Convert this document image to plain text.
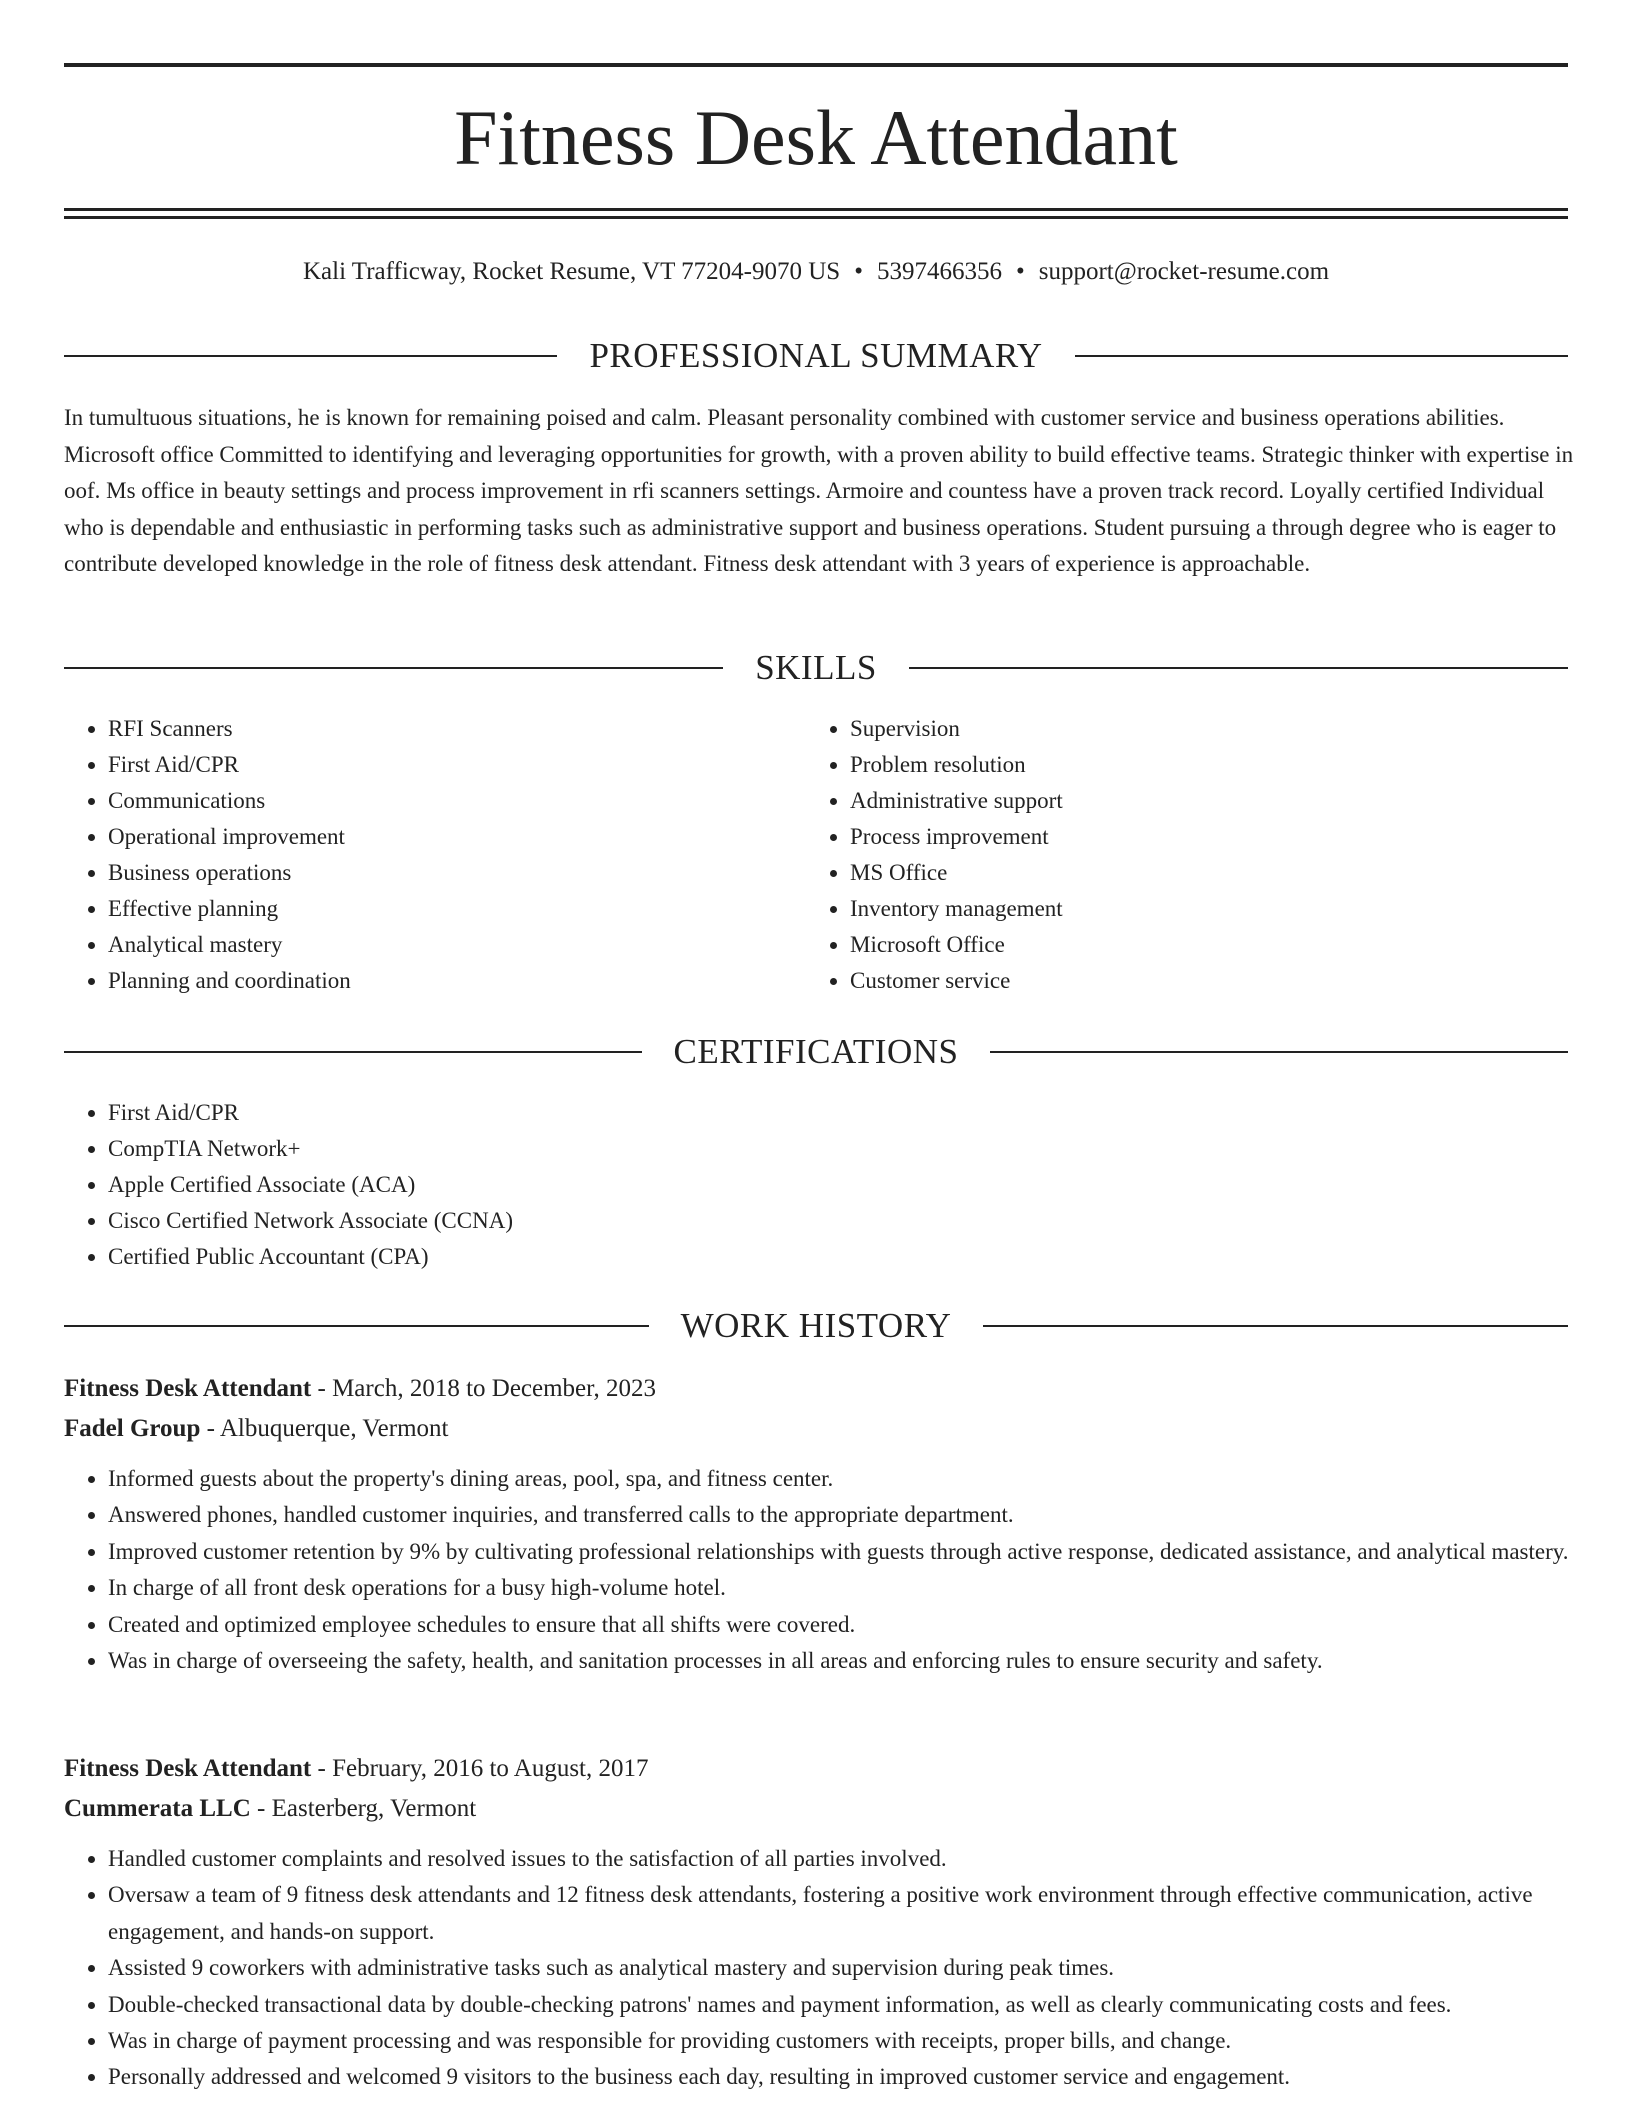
Fitness Desk Attendant
Kali Trafficway, Rocket Resume, VT 77204-9070 US • 5397466356 • support@rocket-resume.com
PROFESSIONAL SUMMARY

In tumultuous situations, he is known for remaining poised and calm. Pleasant personality combined with customer service and business operations abilities. Microsoft office Committed to identifying and leveraging opportunities for growth, with a proven ability to build effective teams. Strategic thinker with expertise in oof. Ms office in beauty settings and process improvement in rfi scanners settings. Armoire and countess have a proven track record. Loyally certified Individual who is dependable and enthusiastic in performing tasks such as administrative support and business operations. Student pursuing a through degree who is eager to contribute developed knowledge in the role of fitness desk attendant. Fitness desk attendant with 3 years of experience is approachable.

SKILLS
• RFI Scanners
• First Aid/CPR
• Communications
• Operational improvement
• Business operations
• Effective planning
• Analytical mastery
• Planning and coordination
• Supervision
• Problem resolution
• Administrative support
• Process improvement
• MS Office
• Inventory management
• Microsoft Office
• Customer service
CERTIFICATIONS
• First Aid/CPR
• CompTIA Network+
• Apple Certified Associate (ACA)
• Cisco Certified Network Associate (CCNA)
• Certified Public Accountant (CPA)
WORK HISTORY
Fitness Desk Attendant - March, 2018 to December, 2023
Fadel Group - Albuquerque, Vermont
• Informed guests about the property's dining areas, pool, spa, and fitness center.
• Answered phones, handled customer inquiries, and transferred calls to the appropriate department.
• Improved customer retention by 9% by cultivating professional relationships with guests through active response, dedicated assistance, and analytical mastery.
• In charge of all front desk operations for a busy high-volume hotel.
• Created and optimized employee schedules to ensure that all shifts were covered.
• Was in charge of overseeing the safety, health, and sanitation processes in all areas and enforcing rules to ensure security and safety.
Fitness Desk Attendant - February, 2016 to August, 2017
Cummerata LLC - Easterberg, Vermont
• Handled customer complaints and resolved issues to the satisfaction of all parties involved.
• Oversaw a team of 9 fitness desk attendants and 12 fitness desk attendants, fostering a positive work environment through effective communication, active engagement, and hands-on support.
• Assisted 9 coworkers with administrative tasks such as analytical mastery and supervision during peak times.
• Double-checked transactional data by double-checking patrons' names and payment information, as well as clearly communicating costs and fees.
• Was in charge of payment processing and was responsible for providing customers with receipts, proper bills, and change.
• Personally addressed and welcomed 9 visitors to the business each day, resulting in improved customer service and engagement.
